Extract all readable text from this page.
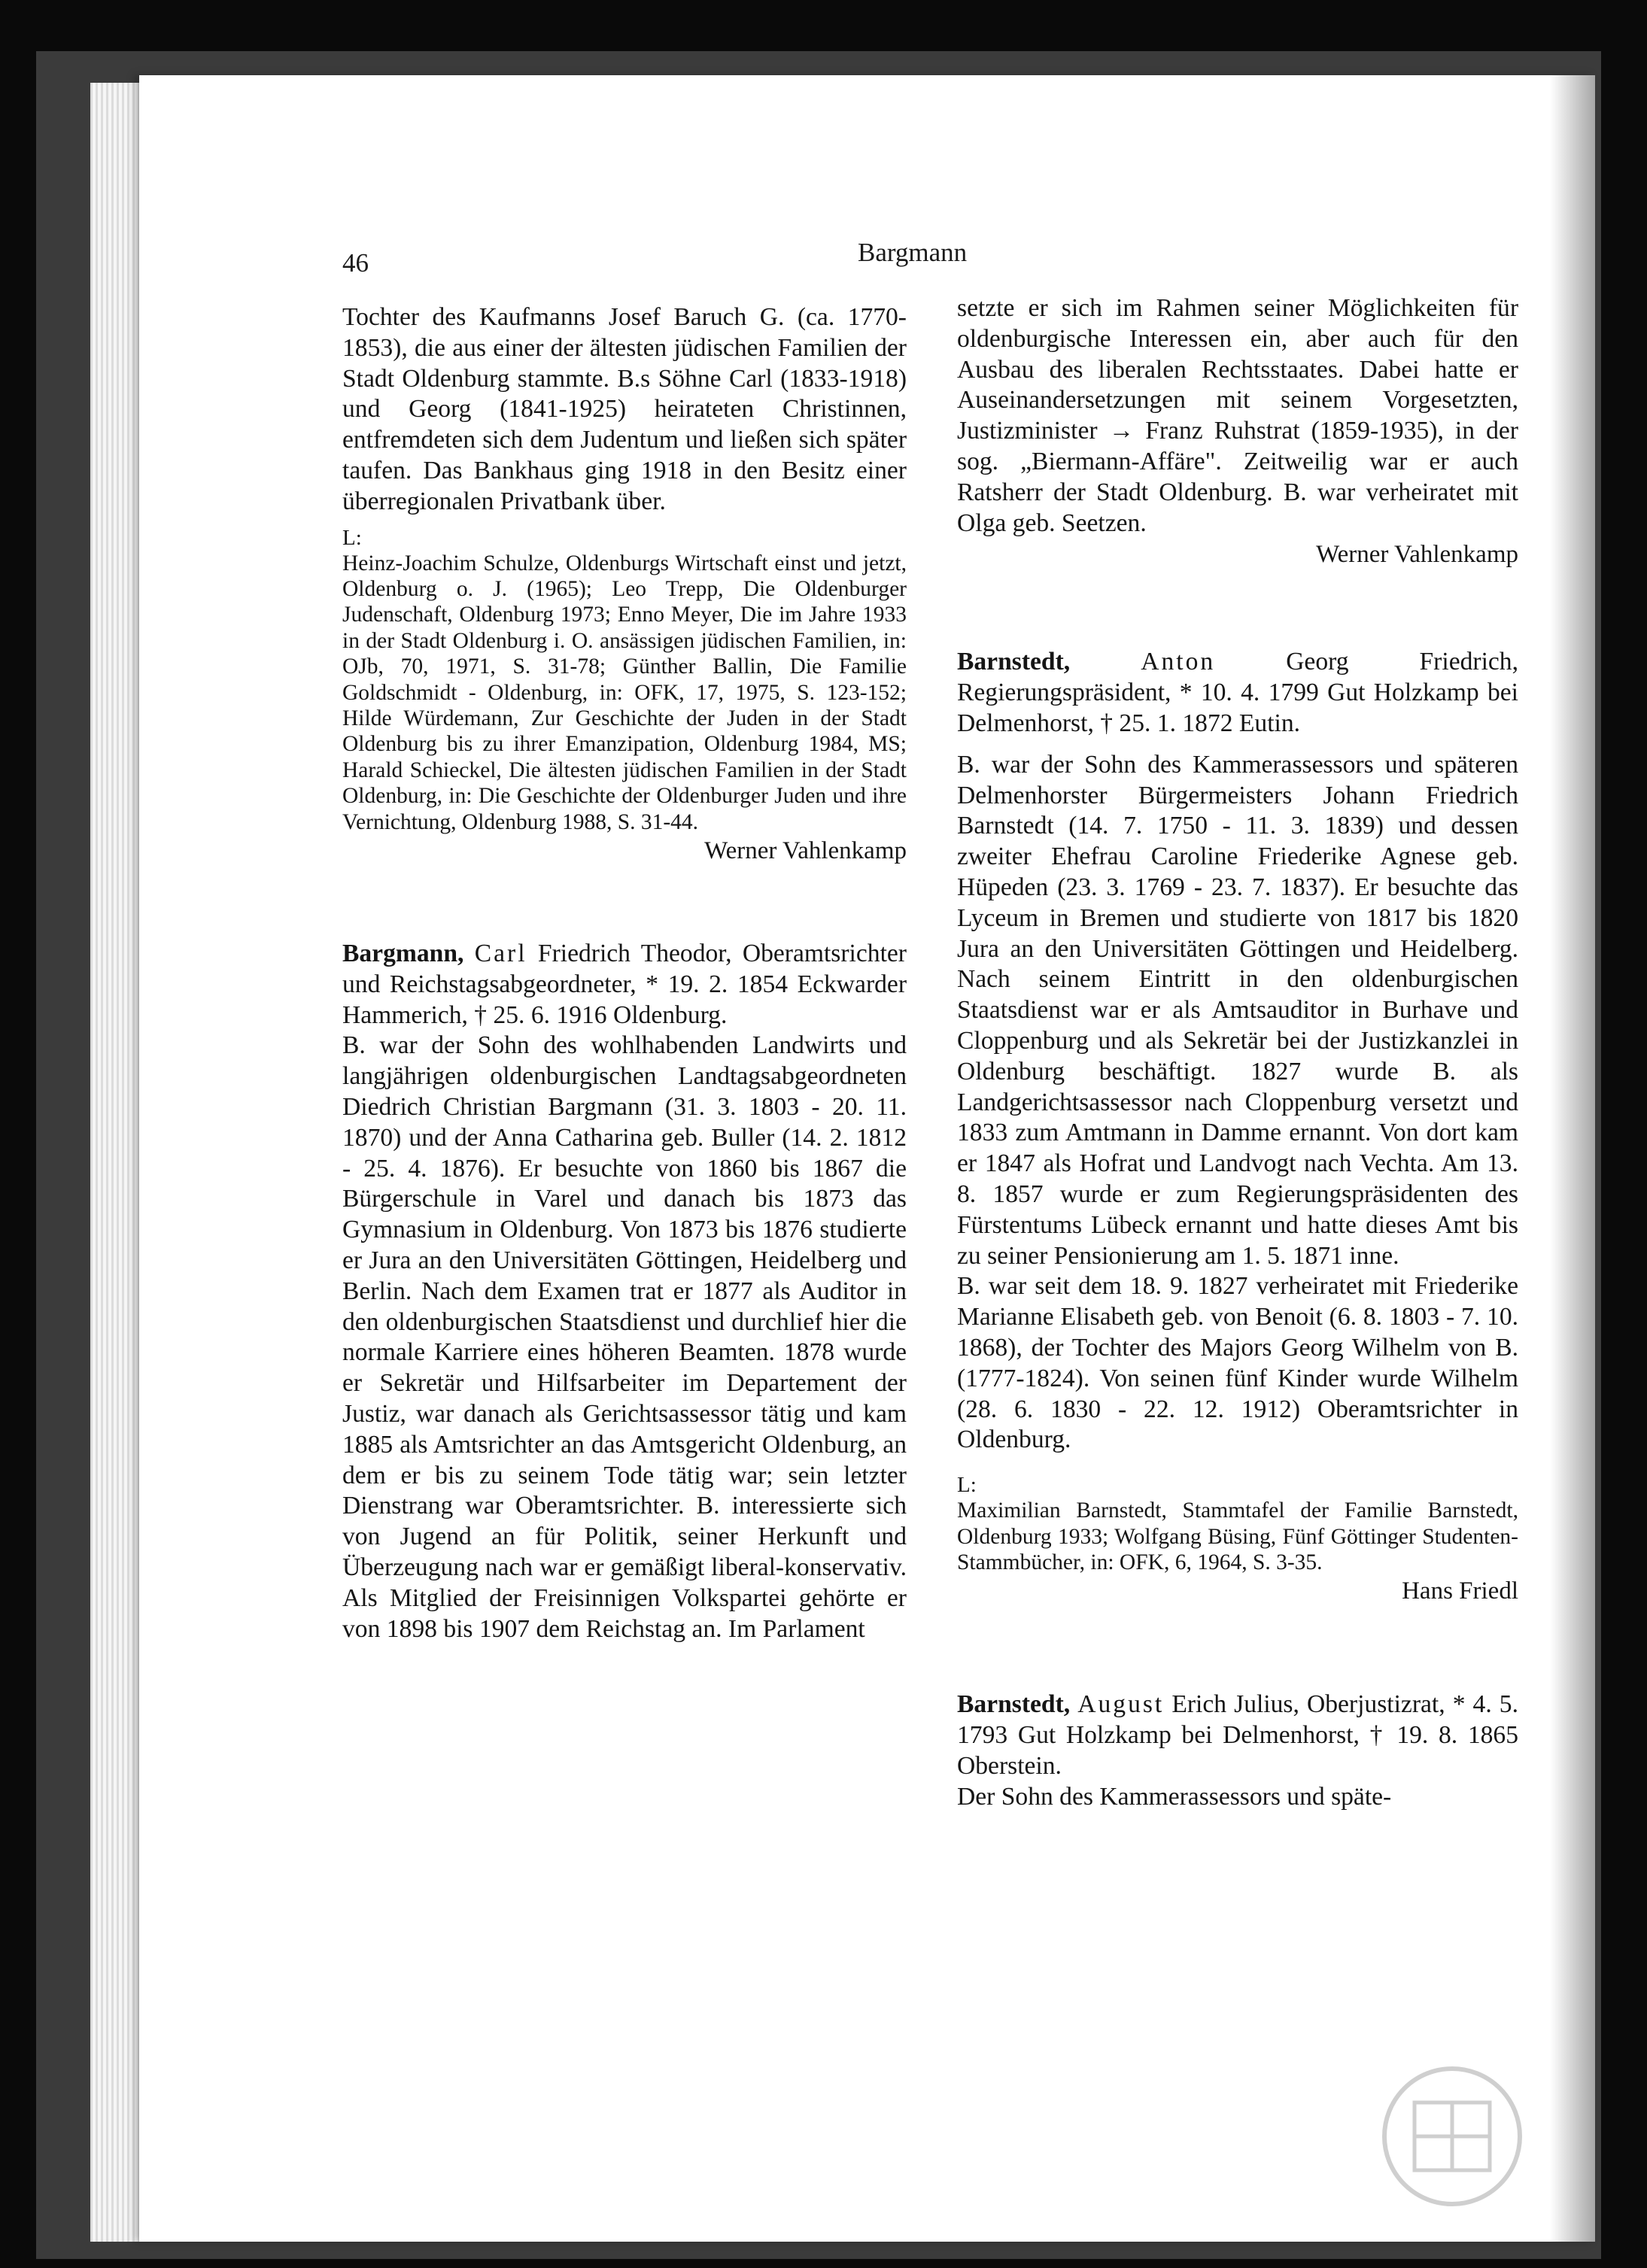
46	Bargmann

Tochter des Kaufmanns Josef Baruch G. (ca. 1770-1853), die aus einer der ältesten jüdischen Familien der Stadt Oldenburg stammte. B.s Söhne Carl (1833-1918) und Georg (1841-1925) heirateten Christinnen, entfremdeten sich dem Judentum und ließen sich später taufen. Das Bankhaus ging 1918 in den Besitz einer überregionalen Privatbank über.

L:

Heinz-Joachim Schulze, Oldenburgs Wirtschaft einst und jetzt, Oldenburg o. J. (1965); Leo Trepp, Die Oldenburger Judenschaft, Oldenburg 1973; Enno Meyer, Die im Jahre 1933 in der Stadt Oldenburg i. O. ansässigen jüdischen Familien, in: OJb, 70, 1971, S. 31-78; Günther Ballin, Die Familie Goldschmidt - Oldenburg, in: OFK, 17, 1975, S. 123-152; Hilde Würdemann, Zur Geschichte der Juden in der Stadt Oldenburg bis zu ihrer Emanzipation, Oldenburg 1984, MS; Harald Schieckel, Die ältesten jüdischen Familien in der Stadt Oldenburg, in: Die Geschichte der Oldenburger Juden und ihre Vernichtung, Oldenburg 1988, S. 31-44.

Werner Vahlenkamp

Bargmann, Carl Friedrich Theodor, Oberamtsrichter und Reichstagsabgeordneter, * 19. 2. 1854 Eckwarder Hammerich, † 25. 6. 1916 Oldenburg.

B. war der Sohn des wohlhabenden Landwirts und langjährigen oldenburgischen Landtagsabgeordneten Diedrich Christian Bargmann (31. 3. 1803 - 20. 11. 1870) und der Anna Catharina geb. Buller (14. 2. 1812 - 25. 4. 1876). Er besuchte von 1860 bis 1867 die Bürgerschule in Varel und danach bis 1873 das Gymnasium in Oldenburg. Von 1873 bis 1876 studierte er Jura an den Universitäten Göttingen, Heidelberg und Berlin. Nach dem Examen trat er 1877 als Auditor in den oldenburgischen Staatsdienst und durchlief hier die normale Karriere eines höheren Beamten. 1878 wurde er Sekretär und Hilfsarbeiter im Departement der Justiz, war danach als Gerichtsassessor tätig und kam 1885 als Amtsrichter an das Amtsgericht Oldenburg, an dem er bis zu seinem Tode tätig war; sein letzter Dienstrang war Oberamtsrichter. B. interessierte sich von Jugend an für Politik, seiner Herkunft und Überzeugung nach war er gemäßigt liberal-konservativ. Als Mitglied der Freisinnigen Volkspartei gehörte er von 1898 bis 1907 dem Reichstag an. Im Parlament

setzte er sich im Rahmen seiner Möglichkeiten für oldenburgische Interessen ein, aber auch für den Ausbau des liberalen Rechtsstaates. Dabei hatte er Auseinandersetzungen mit seinem Vorgesetzten, Justizminister → Franz Ruhstrat (1859-1935), in der sog. „Biermann-Affäre". Zeitweilig war er auch Ratsherr der Stadt Oldenburg. B. war verheiratet mit Olga geb. Seetzen.

Werner Vahlenkamp

Barnstedt,	Anton	Georg Friedrich, Regierungspräsident, * 10. 4. 1799 Gut Holzkamp bei Delmenhorst, † 25. 1. 1872 Eutin.

B. war der Sohn des Kammerassessors und späteren Delmenhorster Bürgermeisters Johann Friedrich Barnstedt (14. 7. 1750 - 11. 3. 1839) und dessen zweiter Ehefrau Caroline Friederike Agnese geb. Hüpeden (23. 3. 1769 - 23. 7. 1837). Er besuchte das Lyceum in Bremen und studierte von 1817 bis 1820 Jura an den Universitäten Göttingen und Heidelberg. Nach seinem Eintritt in den oldenburgischen Staatsdienst war er als Amtsauditor in Burhave und Cloppenburg und als Sekretär bei der Justizkanzlei in Oldenburg beschäftigt. 1827 wurde B. als Landgerichtsassessor nach Cloppenburg versetzt und 1833 zum Amtmann in Damme ernannt. Von dort kam er 1847 als Hofrat und Landvogt nach Vechta. Am 13. 8. 1857 wurde er zum Regierungspräsidenten des Fürstentums Lübeck ernannt und hatte dieses Amt bis zu seiner Pensionierung am 1. 5. 1871 inne.

B. war seit dem 18. 9. 1827 verheiratet mit Friederike Marianne Elisabeth geb. von Benoit (6. 8. 1803 - 7. 10. 1868), der Tochter des Majors Georg Wilhelm von B. (1777-1824). Von seinen fünf Kinder wurde Wilhelm (28. 6. 1830 - 22. 12. 1912) Oberamtsrichter in Oldenburg.

L:

Maximilian Barnstedt, Stammtafel der Familie Barnstedt, Oldenburg 1933; Wolfgang Büsing, Fünf Göttinger Studenten-Stammbücher, in: OFK, 6, 1964, S. 3-35.

Hans Friedl

Barnstedt, August Erich Julius, Oberjustizrat, * 4. 5. 1793 Gut Holzkamp bei Delmenhorst, † 19. 8. 1865 Oberstein.

Der Sohn des Kammerassessors und späte-
